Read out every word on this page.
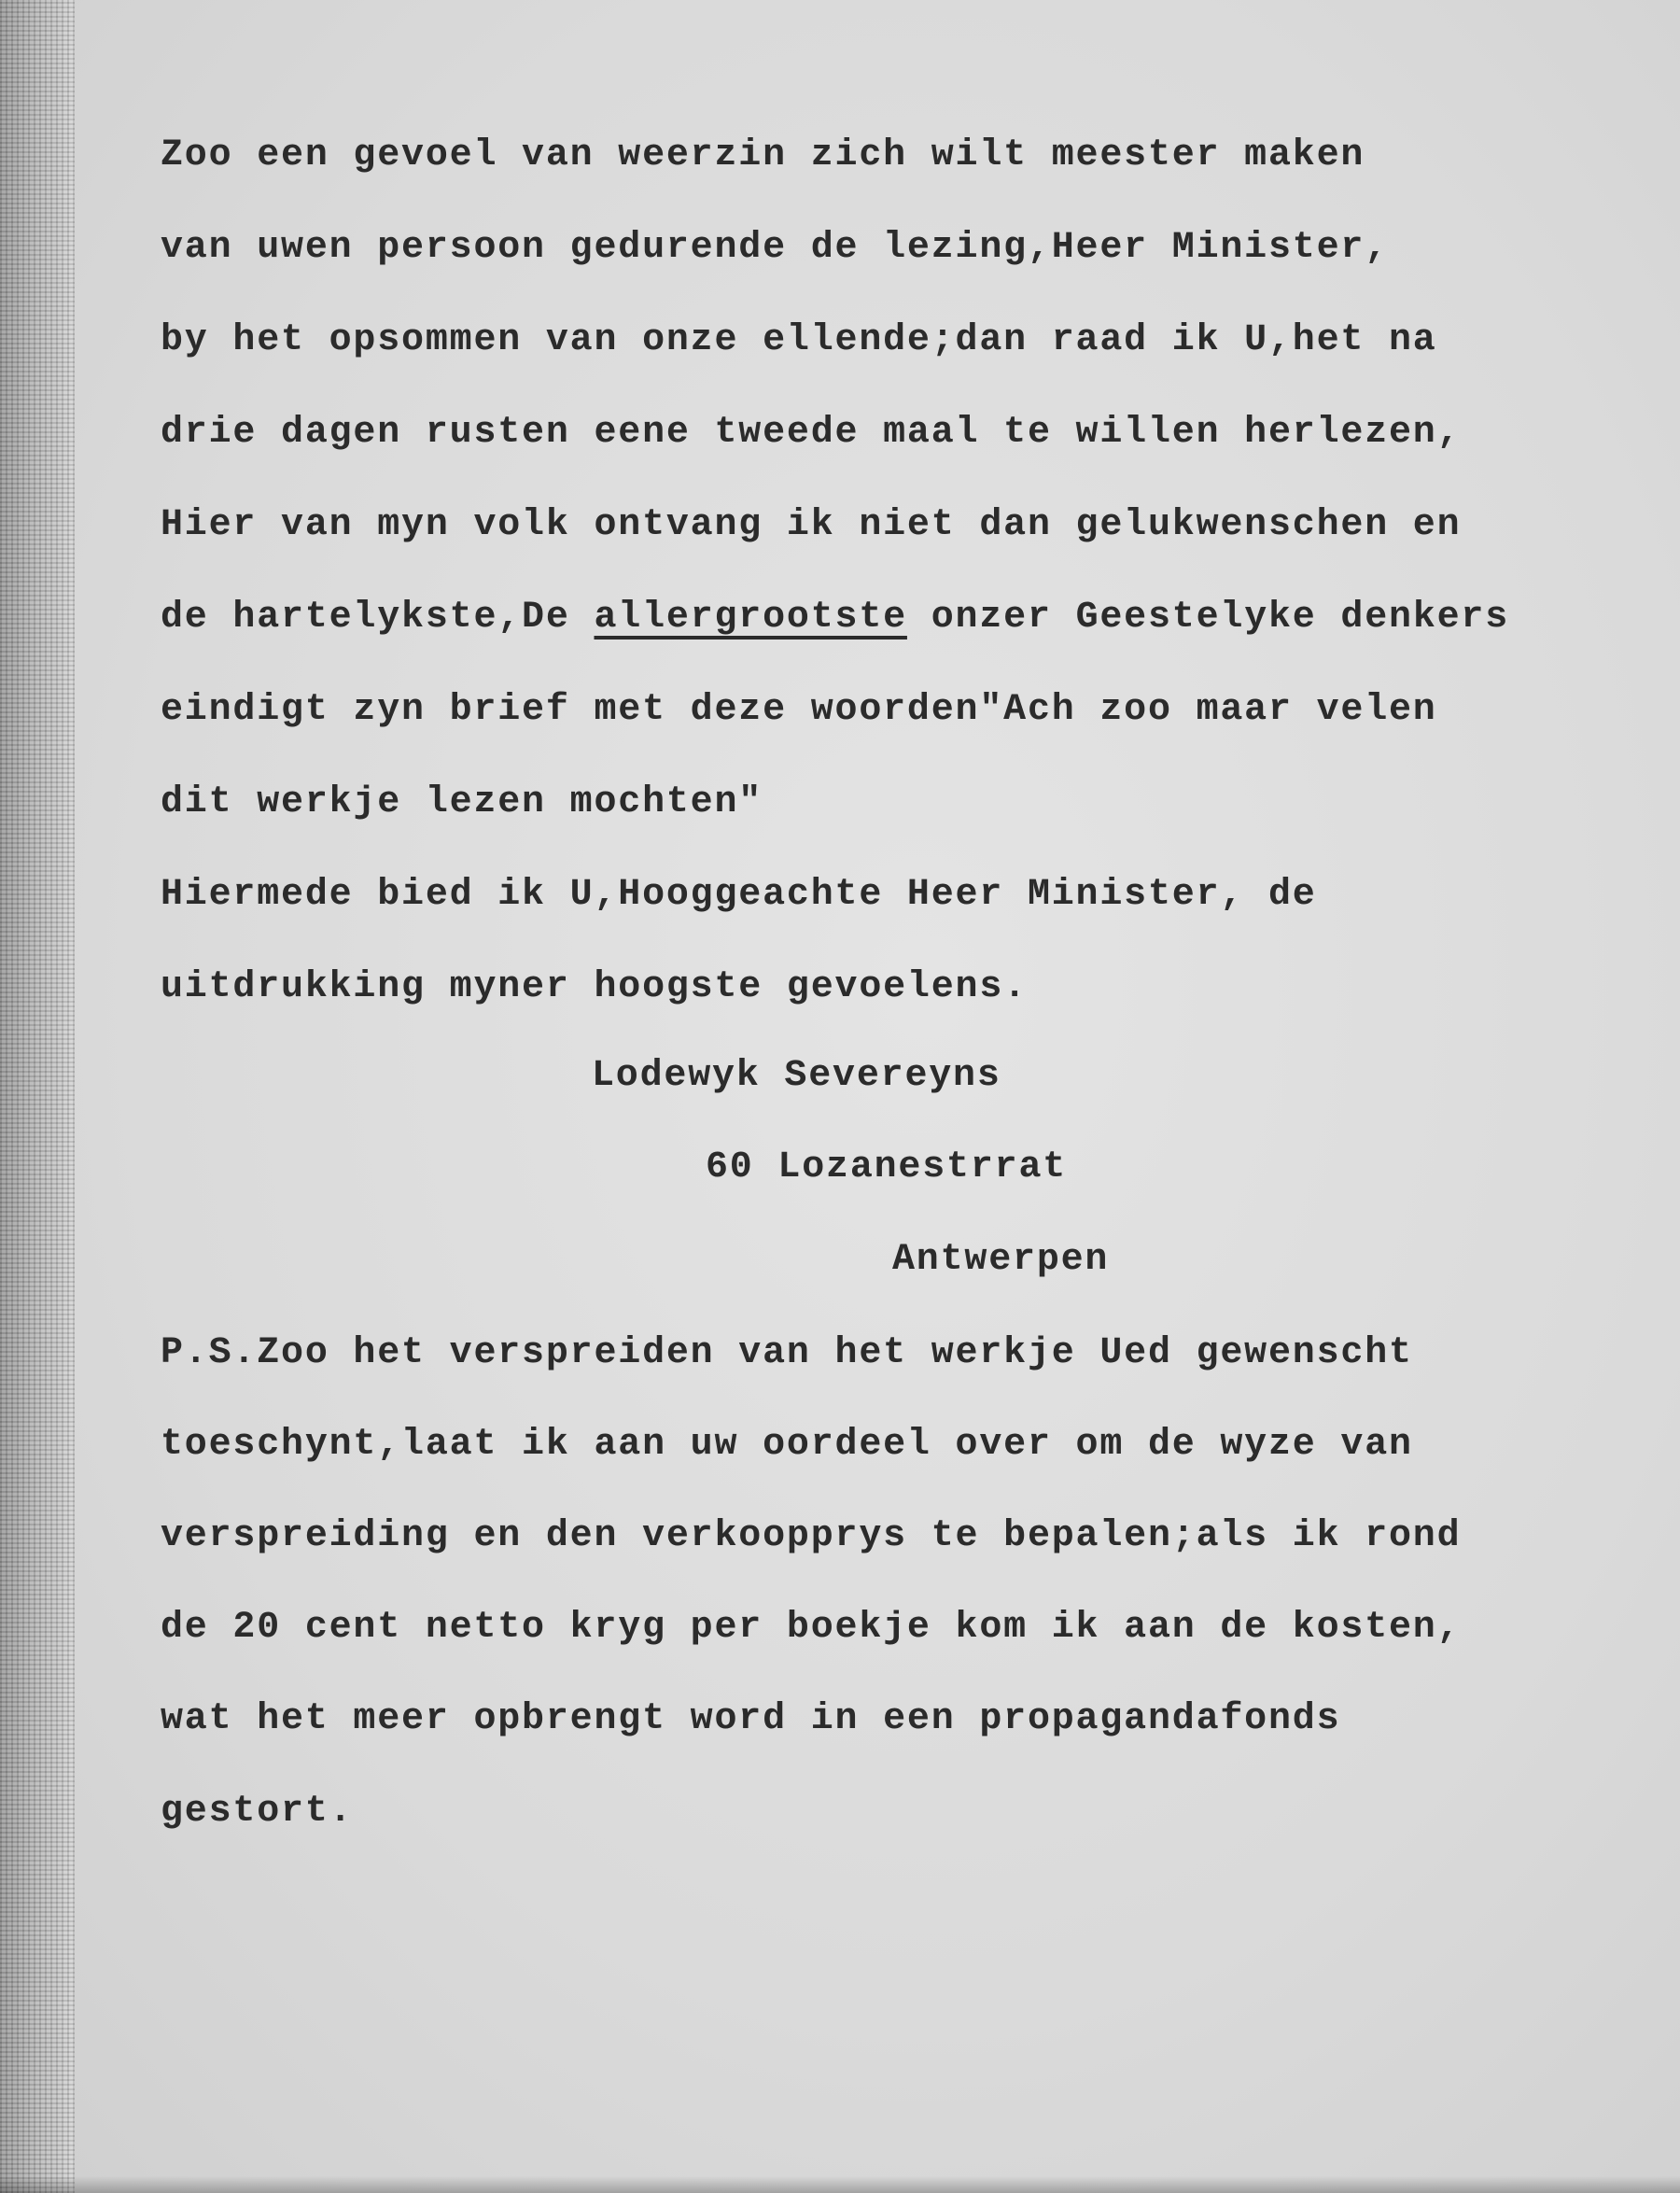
Zoo een gevoel van weerzin zich wilt meester maken

van uwen persoon gedurende de lezing,Heer Minister,

by het opsommen van onze ellende;dan raad ik U,het na

drie dagen rusten eene tweede maal te willen herlezen,

Hier van myn volk ontvang ik niet dan gelukwenschen en

de hartelykste,De allergrootste onzer Geestelyke denkers

eindigt zyn brief met deze woorden"Ach zoo maar velen

dit werkje lezen mochten"

Hiermede bied ik U,Hooggeachte Heer Minister, de

uitdrukking myner hoogste gevoelens.

Lodewyk Severeyns

60 Lozanestrrat

Antwerpen

P.S.Zoo het verspreiden van het werkje Ued gewenscht

toeschynt,laat ik aan uw oordeel over om de wyze van

verspreiding en den verkoopprys te bepalen;als ik rond

de 20 cent netto kryg per boekje kom ik aan de kosten,

wat het meer opbrengt word in een propagandafonds

gestort.
